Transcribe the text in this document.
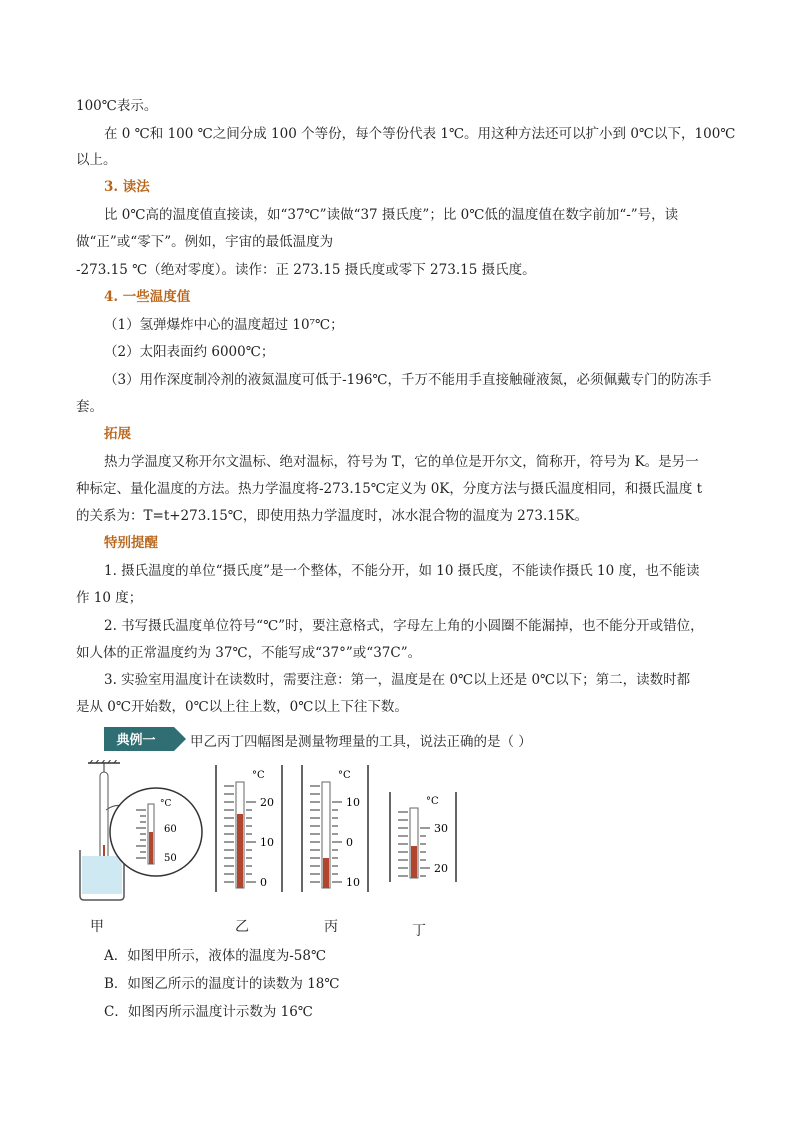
100℃表示。
在 0 ℃和 100 ℃之间分成 100 个等份，每个等份代表 1℃。用这种方法还可以扩小到 0℃以下，100℃
以上。
3. 读法
比 0℃高的温度值直接读，如“37℃”读做“37 摄氏度”；比 0℃低的温度值在数字前加“-”号，读
做“正”或“零下”。例如，宇宙的最低温度为
-273.15 ℃（绝对零度）。读作：正 273.15 摄氏度或零下 273.15 摄氏度。
4. 一些温度值
（1）氢弹爆炸中心的温度超过 10⁷℃；
（2）太阳表面约 6000℃；
（3）用作深度制冷剂的液氮温度可低于-196℃，千万不能用手直接触碰液氮，必须佩戴专门的防冻手
套。
拓展
热力学温度又称开尔文温标、绝对温标，符号为 T，它的单位是开尔文，简称开，符号为 K。是另一
种标定、量化温度的方法。热力学温度将-273.15℃定义为 0K，分度方法与摄氏温度相同，和摄氏温度 t
的关系为：T=t+273.15℃，即使用热力学温度时，冰水混合物的温度为 273.15K。
特别提醒
1. 摄氏温度的单位“摄氏度”是一个整体，不能分开，如 10 摄氏度，不能读作摄氏 10 度，也不能读
作 10 度；
2. 书写摄氏温度单位符号“℃”时，要注意格式，字母左上角的小圆圈不能漏掉，也不能分开或错位，
如人体的正常温度约为 37℃，不能写成“37°”或“37C”。
3. 实验室用温度计在读数时，需要注意：第一，温度是在 0℃以上还是 0℃以下；第二，读数时都
是从 0℃开始数，0℃以上往上数，0℃以上下往下数。
典例一	甲乙丙丁四幅图是测量物理量的工具，说法正确的是（ ）
°C
60
50
°C
20
10
0
°C
10
0
10
°C
30
20
甲	乙	丙	丁
A．如图甲所示，液体的温度为-58℃
B．如图乙所示的温度计的读数为 18℃
C．如图丙所示温度计示数为 16℃
